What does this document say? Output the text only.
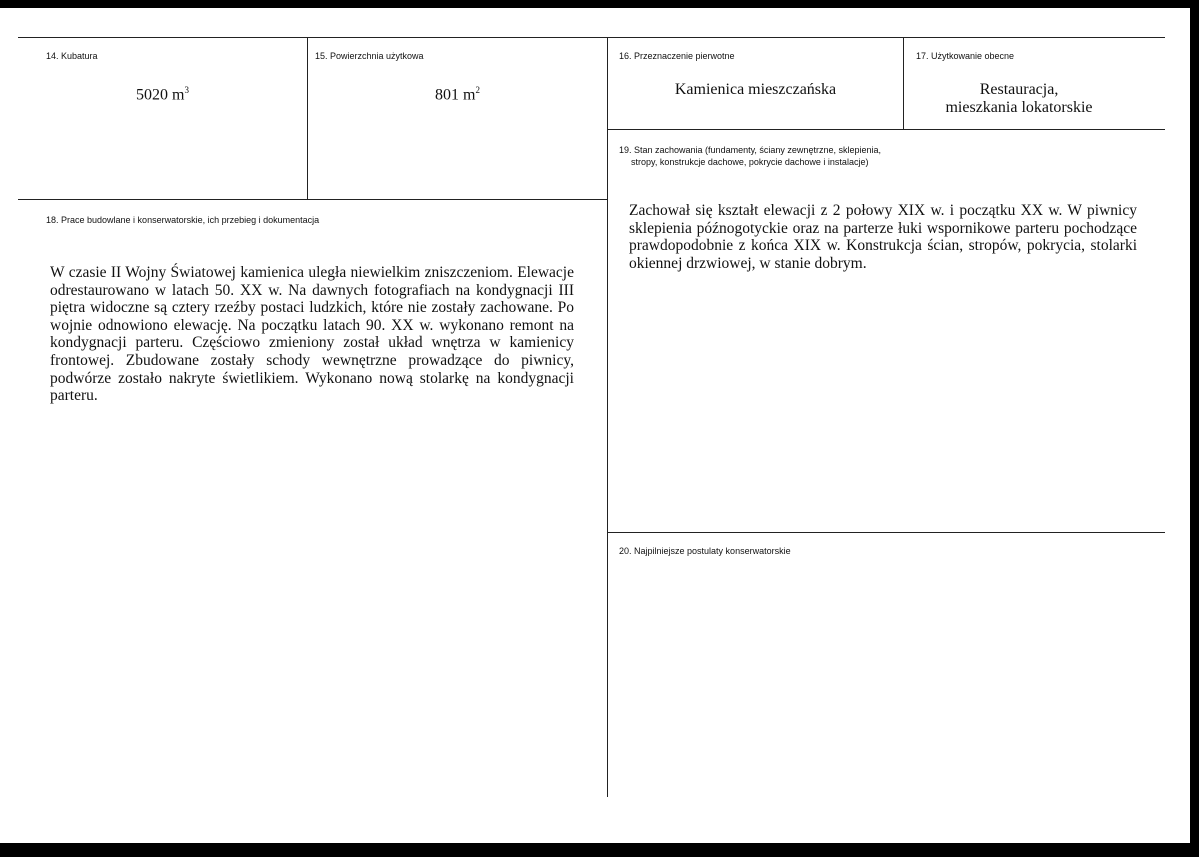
14. Kubatura
5020 $m^3$
15. Powierzchnia użytkowa
801 $m^2$
16. Przeznaczenie pierwotne
Kamienica mieszczańska
17. Użytkowanie obecne
Restauracja,
mieszkania lokatorskie
19. Stan zachowania (fundamenty, ściany zewnętrzne, sklepienia,
stropy, konstrukcje dachowe, pokrycie dachowe i instalacje)
Zachował się kształt elewacji z 2 połowy XIX w. i początku XX w. W piwnicy sklepienia późnogotyckie oraz na parterze łuki wspornikowe parteru pochodzące prawdopodobnie z końca XIX w. Konstrukcja ścian, stropów, pokrycia, stolarki okiennej drzwiowej, w stanie dobrym.
18. Prace budowlane i konserwatorskie, ich przebieg i dokumentacja
W czasie II Wojny Światowej kamienica uległa niewielkim zniszczeniom. Elewacje odrestaurowano w latach 50. XX w. Na dawnych fotografiach na kondygnacji III piętra widoczne są cztery rzeźby postaci ludzkich, które nie zostały zachowane. Po wojnie odnowiono elewację. Na początku latach 90. XX w. wykonano remont na kondygnacji parteru. Częściowo zmieniony został układ wnętrza w kamienicy frontowej. Zbudowane zostały schody wewnętrzne prowadzące do piwnicy, podwórze zostało nakryte świetlikiem. Wykonano nową stolarkę na kondygnacji parteru.
20. Najpilniejsze postulaty konserwatorskie
